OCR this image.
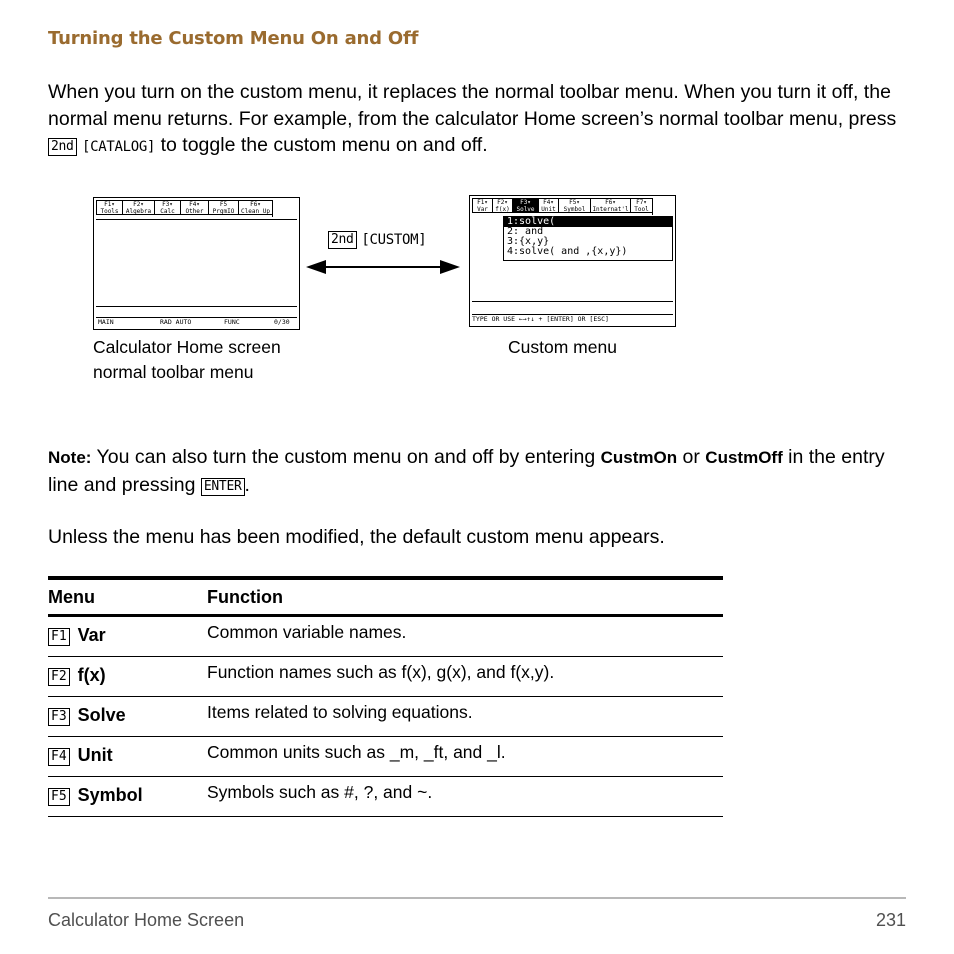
Turning the Custom Menu On and Off
When you turn on the custom menu, it replaces the normal toolbar menu. When you turn it off, the normal menu returns. For example, from the calculator Home screen’s normal toolbar menu, press 2nd [CATALOG] to toggle the custom menu on and off.
F1▾ Tools
F2▾ Algebra
F3▾ Calc
F4▾ Other
F5 PrgmIO
F6▾ Clean Up
MAIN	RAD AUTO	FUNC	0/30
2nd [CUSTOM]
F1▾ Var
F2▾ f(x)
F3▾ Solve
F4▾ Unit
F5▾ Symbol
F6▾ Internat'l
F7▾ Tool
1:solve(
2: and
3:{x,y}
4:solve( and ,{x,y})
TYPE OR USE ←→↑↓ + [ENTER] OR [ESC]
Calculator Home screen normal toolbar menu
Custom menu
Note: You can also turn the custom menu on and off by entering CustmOn or CustmOff in the entry line and pressing ENTER .
Unless the menu has been modified, the default custom menu appears.
Menu	Function
F1 Var	Common variable names.
F2 f(x)	Function names such as f(x), g(x), and f(x,y).
F3 Solve	Items related to solving equations.
F4 Unit	Common units such as _m, _ft, and _l.
F5 Symbol	Symbols such as #, ?, and ~.
Calculator Home Screen	231
